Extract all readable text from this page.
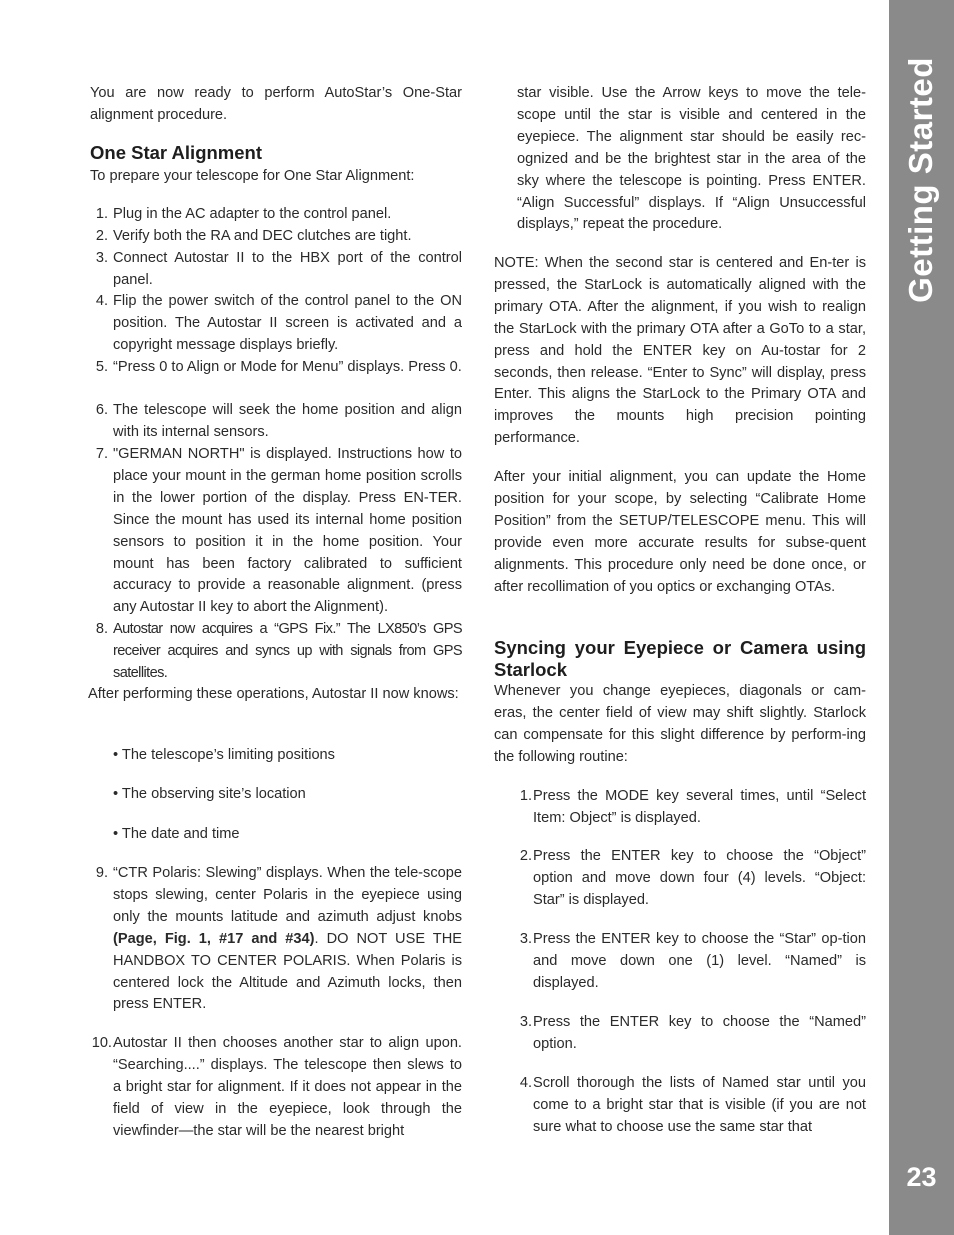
You are now ready to perform AutoStar’s One-Star alignment procedure.

One Star Alignment

To prepare your telescope for One Star Alignment:

1. Plug in the AC adapter to the control panel.
2. Verify both the RA and DEC clutches are tight.
3. Connect Autostar II to the HBX port of the control panel.
4. Flip the power switch of the control panel to the ON position. The Autostar II screen is activated and a copyright message displays briefly.
5. “Press 0 to Align or Mode for Menu” displays. Press 0.
6. The telescope will seek the home position and align with its internal sensors.
7. "GERMAN NORTH" is displayed. Instructions how to place your mount in the german home position scrolls in the lower portion of the display. Press EN-TER. Since the mount has used its internal home position sensors to position it in the home position. Your mount has been factory calibrated to sufficient accuracy to provide a reasonable alignment. (press any Autostar II key to abort the Alignment).
8. Autostar now acquires a “GPS Fix.” The LX850’s GPS receiver acquires and syncs up with signals from GPS satellites.

After performing these operations, Autostar II now knows:

• The telescope’s limiting positions
• The observing site’s location
• The date and time
9. “CTR Polaris: Slewing” displays. When the tele-scope stops slewing, center Polaris in the eyepiece using only the mounts latitude and azimuth adjust knobs (Page, Fig. 1, #17 and #34). DO NOT USE THE HANDBOX TO CENTER POLARIS. When Polaris is centered lock the Altitude and Azimuth locks, then press ENTER.
10. Autostar II then chooses another star to align upon. “Searching....” displays. The telescope then slews to a bright star for alignment. If it does not appear in the field of view in the eyepiece, look through the viewfinder—the star will be the nearest bright

star visible. Use the Arrow keys to move the tele-scope until the star is visible and centered in the eyepiece. The alignment star should be easily rec-ognized and be the brightest star in the area of the sky where the telescope is pointing. Press ENTER. “Align Successful” displays. If “Align Unsuccessful displays,” repeat the procedure.

NOTE: When the second star is centered and En-ter is pressed, the StarLock is automatically aligned with the primary OTA. After the alignment, if you wish to realign the StarLock with the primary OTA after a GoTo to a star, press and hold the ENTER key on Au-tostar for 2 seconds, then release. “Enter to Sync” will display, press Enter. This aligns the StarLock to the Primary OTA and improves the mounts high precision pointing performance.

After your initial alignment, you can update the Home position for your scope, by selecting “Calibrate Home Position” from the SETUP/TELESCOPE menu. This will provide even more accurate results for subse-quent alignments. This procedure only need be done once, or after recollimation of you optics or exchanging OTAs.

Syncing your Eyepiece or Camera using Starlock

Whenever you change eyepieces, diagonals or cam-eras, the center field of view may shift slightly. Starlock can compensate for this slight difference by perform-ing the following routine:

1. Press the MODE key several times, until “Select Item: Object” is displayed.
2. Press the ENTER key to choose the “Object” option and move down four (4) levels. “Object: Star” is displayed.
3. Press the ENTER key to choose the “Star” op-tion and move down one (1) level. “Named” is displayed.
3. Press the ENTER key to choose the “Named” option.
4. Scroll thorough the lists of Named star until you come to a bright star that is visible (if you are not sure what to choose use the same star that
Getting Started
23
